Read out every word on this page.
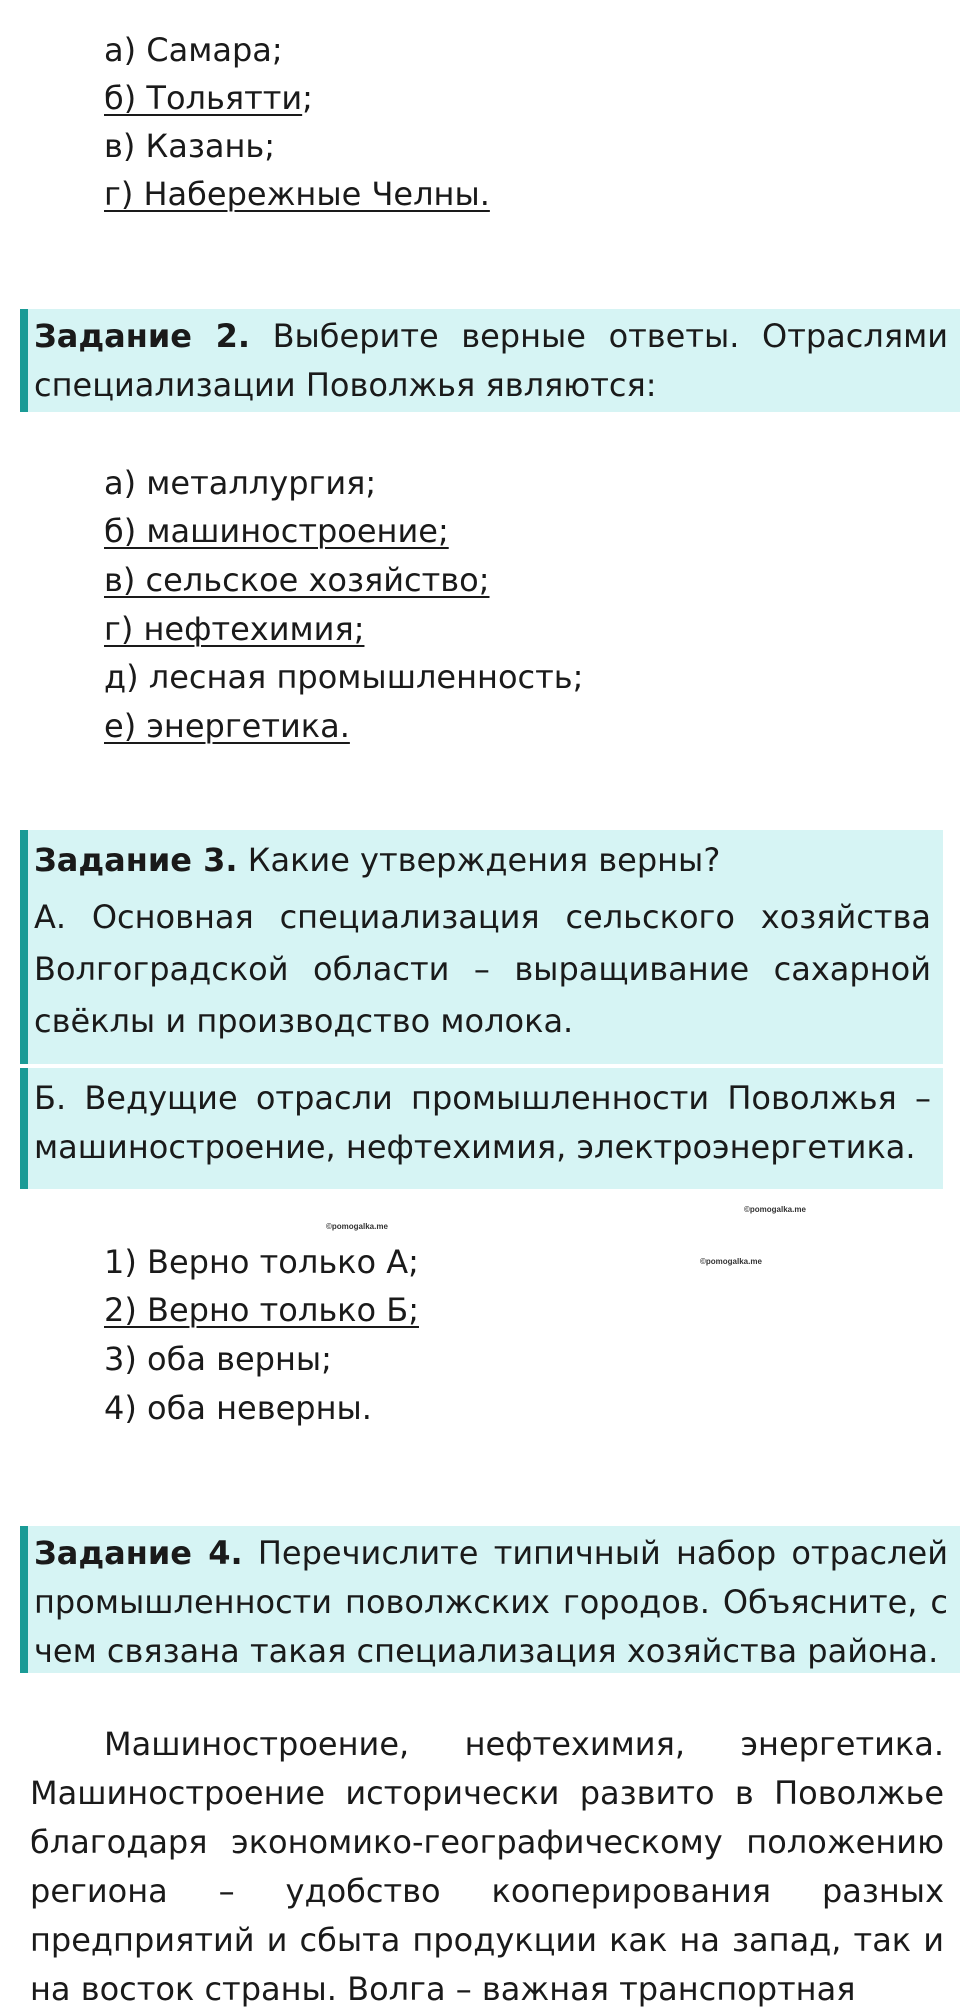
а) Самара;
б) Тольятти;
в) Казань;
г) Набережные Челны.
Задание 2. Выберите верные ответы. Отраслями специализации Поволжья являются:
а) металлургия;
б) машиностроение;
в) сельское хозяйство;
г) нефтехимия;
д) лесная промышленность;
е) энергетика.
Задание 3. Какие утверждения верны?
А. Основная специализация сельского хозяйства Волгоградской области – выращивание сахарной свёклы и производство молока.
Б. Ведущие отрасли промышленности Поволжья – машиностроение, нефтехимия, электроэнергетика.
©pomogalka.me
©pomogalka.me
©pomogalka.me
1) Верно только А;
2) Верно только Б;
3) оба верны;
4) оба неверны.
Задание 4. Перечислите типичный набор отраслей промышленности поволжских городов. Объясните, с чем связана такая специализация хозяйства района.
Машиностроение, нефтехимия, энергетика. Машиностроение исторически развито в Поволжье благодаря экономико-географическому положению региона – удобство кооперирования разных предприятий и сбыта продукции как на запад, так и на восток страны. Волга – важная транспортная
